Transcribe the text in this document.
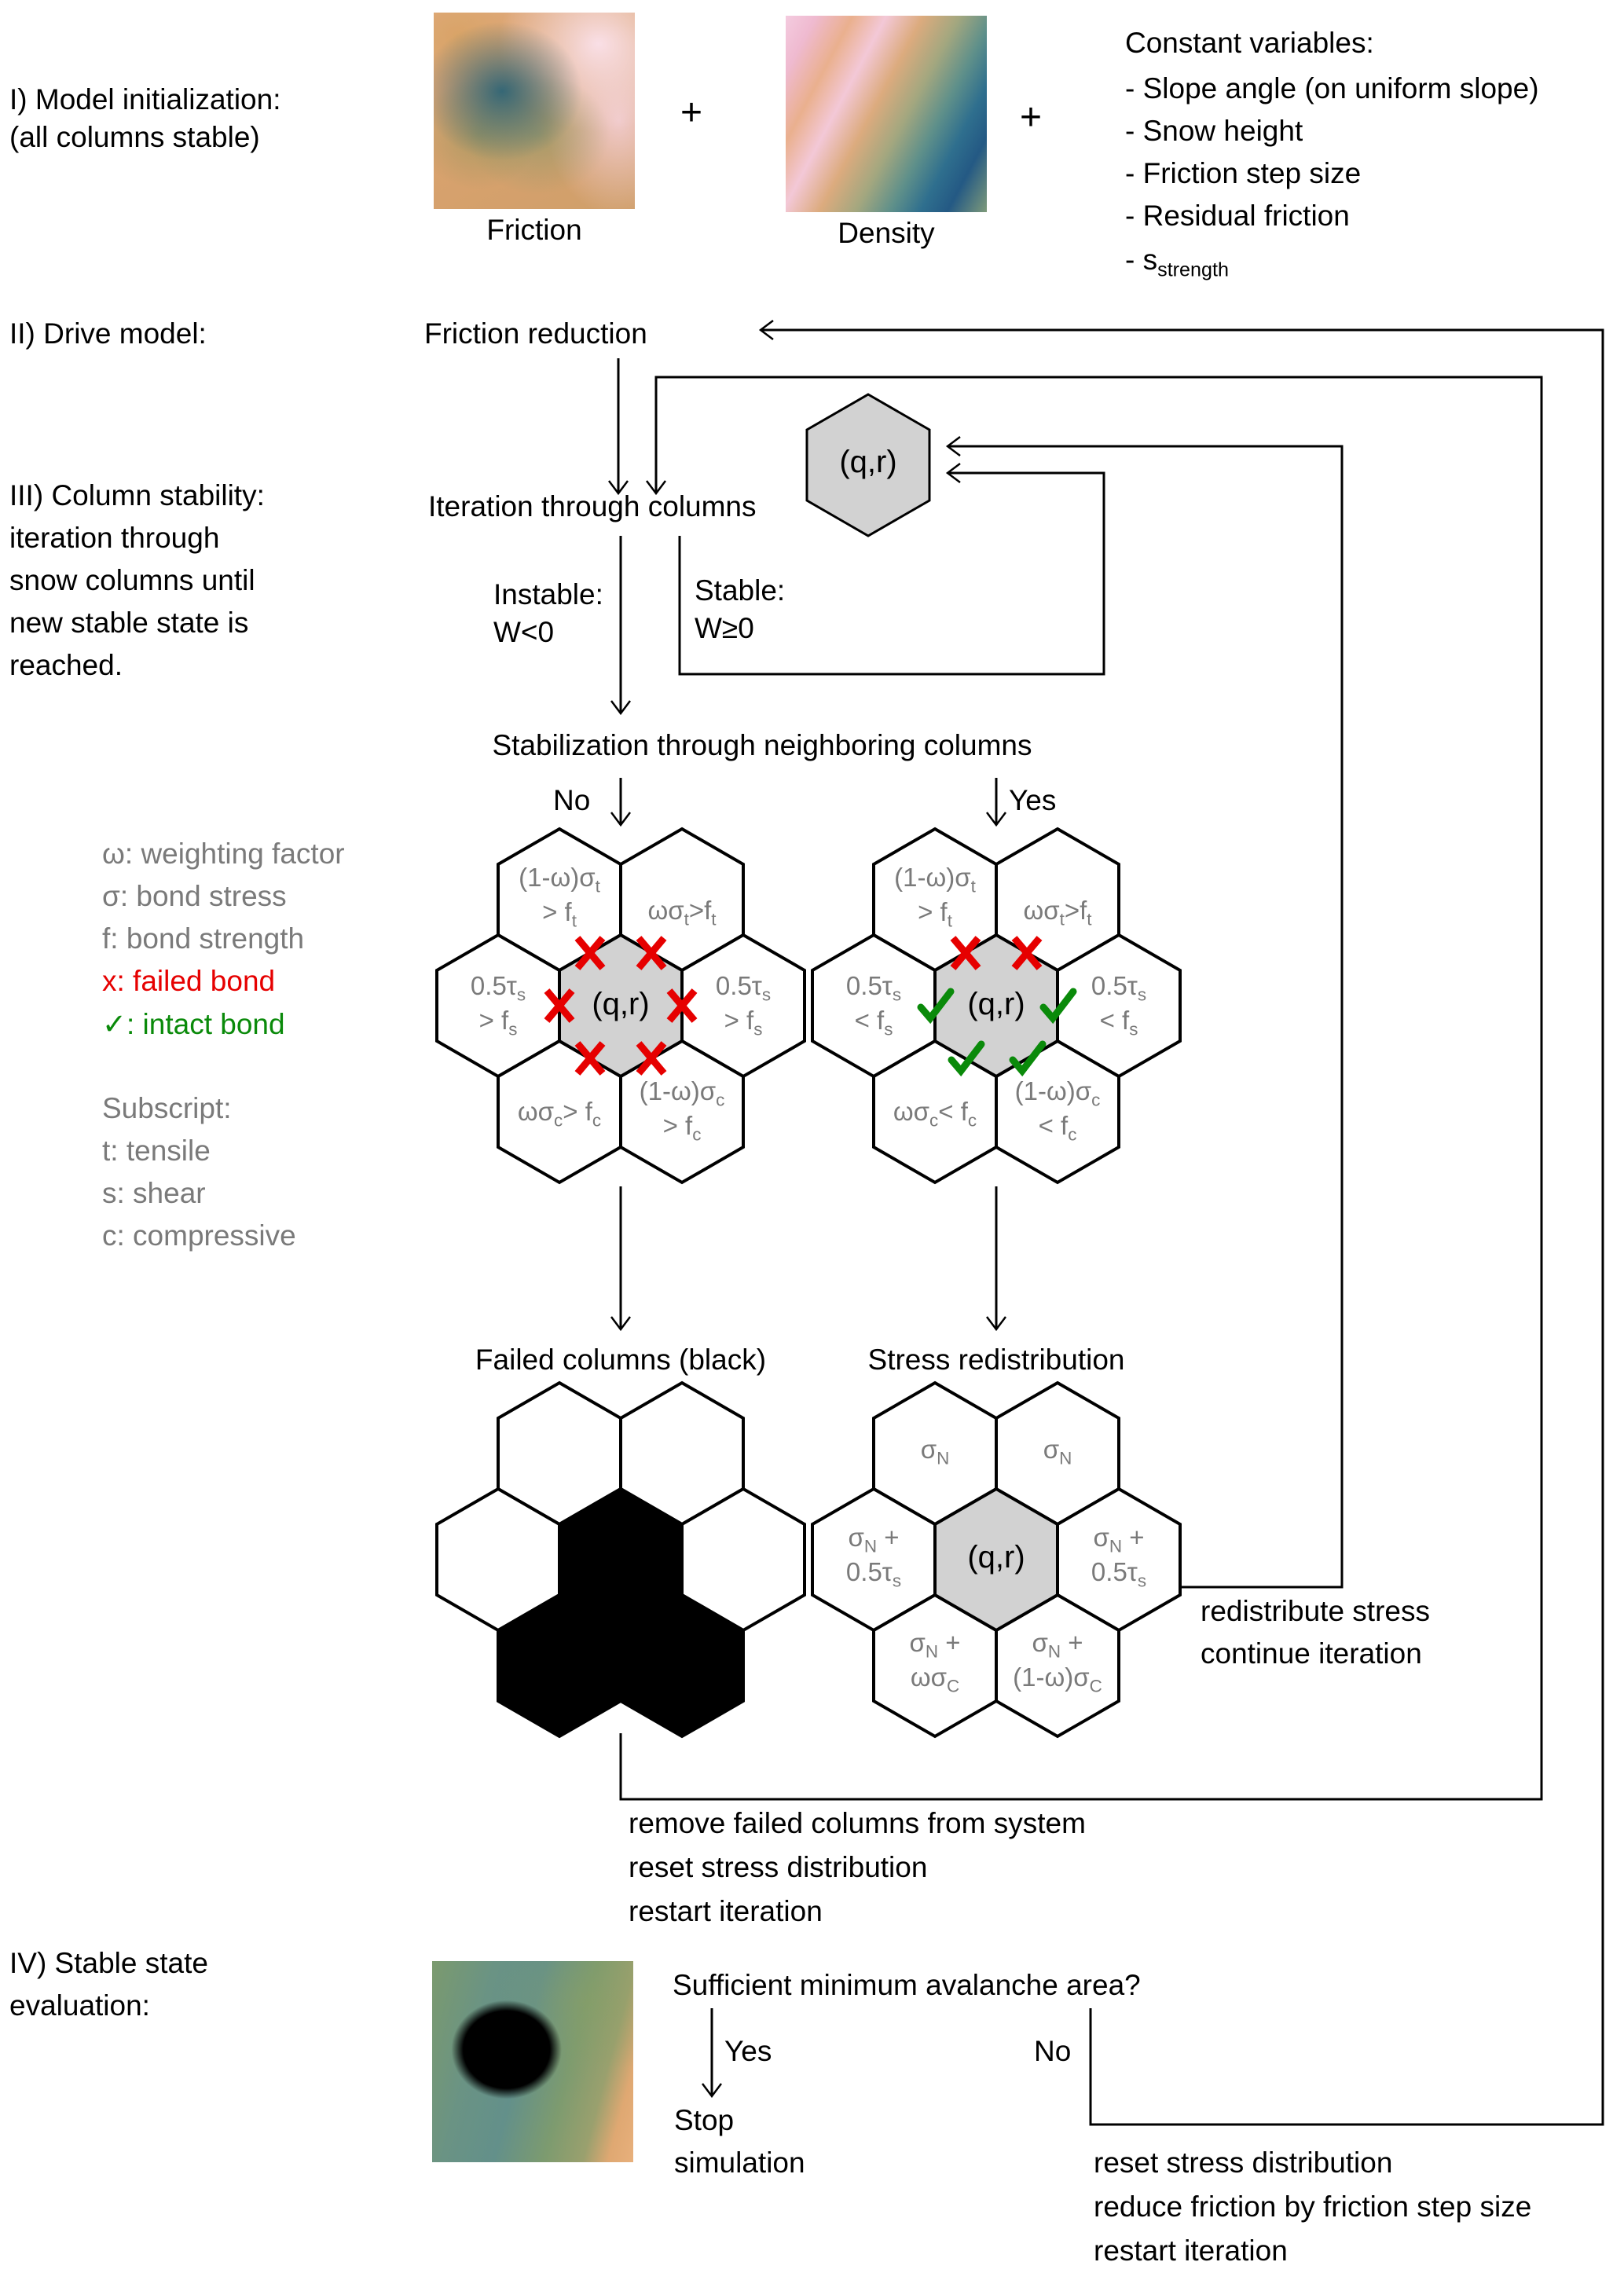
I) Model initialization:
(all columns stable)
Friction
+
Density
+
Constant variables:
- Slope angle (on uniform slope)
- Snow height
- Friction step size
- Residual friction
- $s_{strength}$
II) Drive model:	Friction reduction
III) Column stability:
iteration through
snow columns until
new stable state is
reached.
Iteration through columns
(q,r)
Instable:
W<0
Stable:
W≥0
Stabilization through neighboring columns
No	Yes
ω: weighting factor
σ: bond stress
f: bond strength
x: failed bond
✓: intact bond
Subscript:
t: tensile
s: shear
c: compressive
$(1-\omega)\sigma_t$
> $f_t$	$\omega\sigma_t>f_t$
$0.5\tau_s$
> $f_s$
$0.5\tau_s$
> $f_s$
$\omega\sigma_c> f_c$
$(1-\omega)\sigma_c$
> $f_c$
(q,r)
$(1-\omega)\sigma_t$
> $f_t$	$\omega\sigma_t>f_t$
$0.5\tau_s$
< $f_s$
$0.5\tau_s$
< $f_s$
$\omega\sigma_c< f_c$
$(1-\omega)\sigma_c$
< $f_c$
(q,r)
Failed columns (black)	Stress redistribution
$\sigma_N$	$\sigma_N$
$\sigma_N$ +
$0.5\tau_s$
$\sigma_N$ +
$0.5\tau_s$
$\sigma_N$ +
$\omega\sigma_C$
$\sigma_N$ +
$(1-\omega)\sigma_C$
(q,r)
redistribute stress
continue iteration
remove failed columns from system
reset stress distribution
restart iteration
IV) Stable state
evaluation:
Sufficient minimum avalanche area?
Yes	No
Stop
simulation	reset stress distribution
reduce friction by friction step size
restart iteration
